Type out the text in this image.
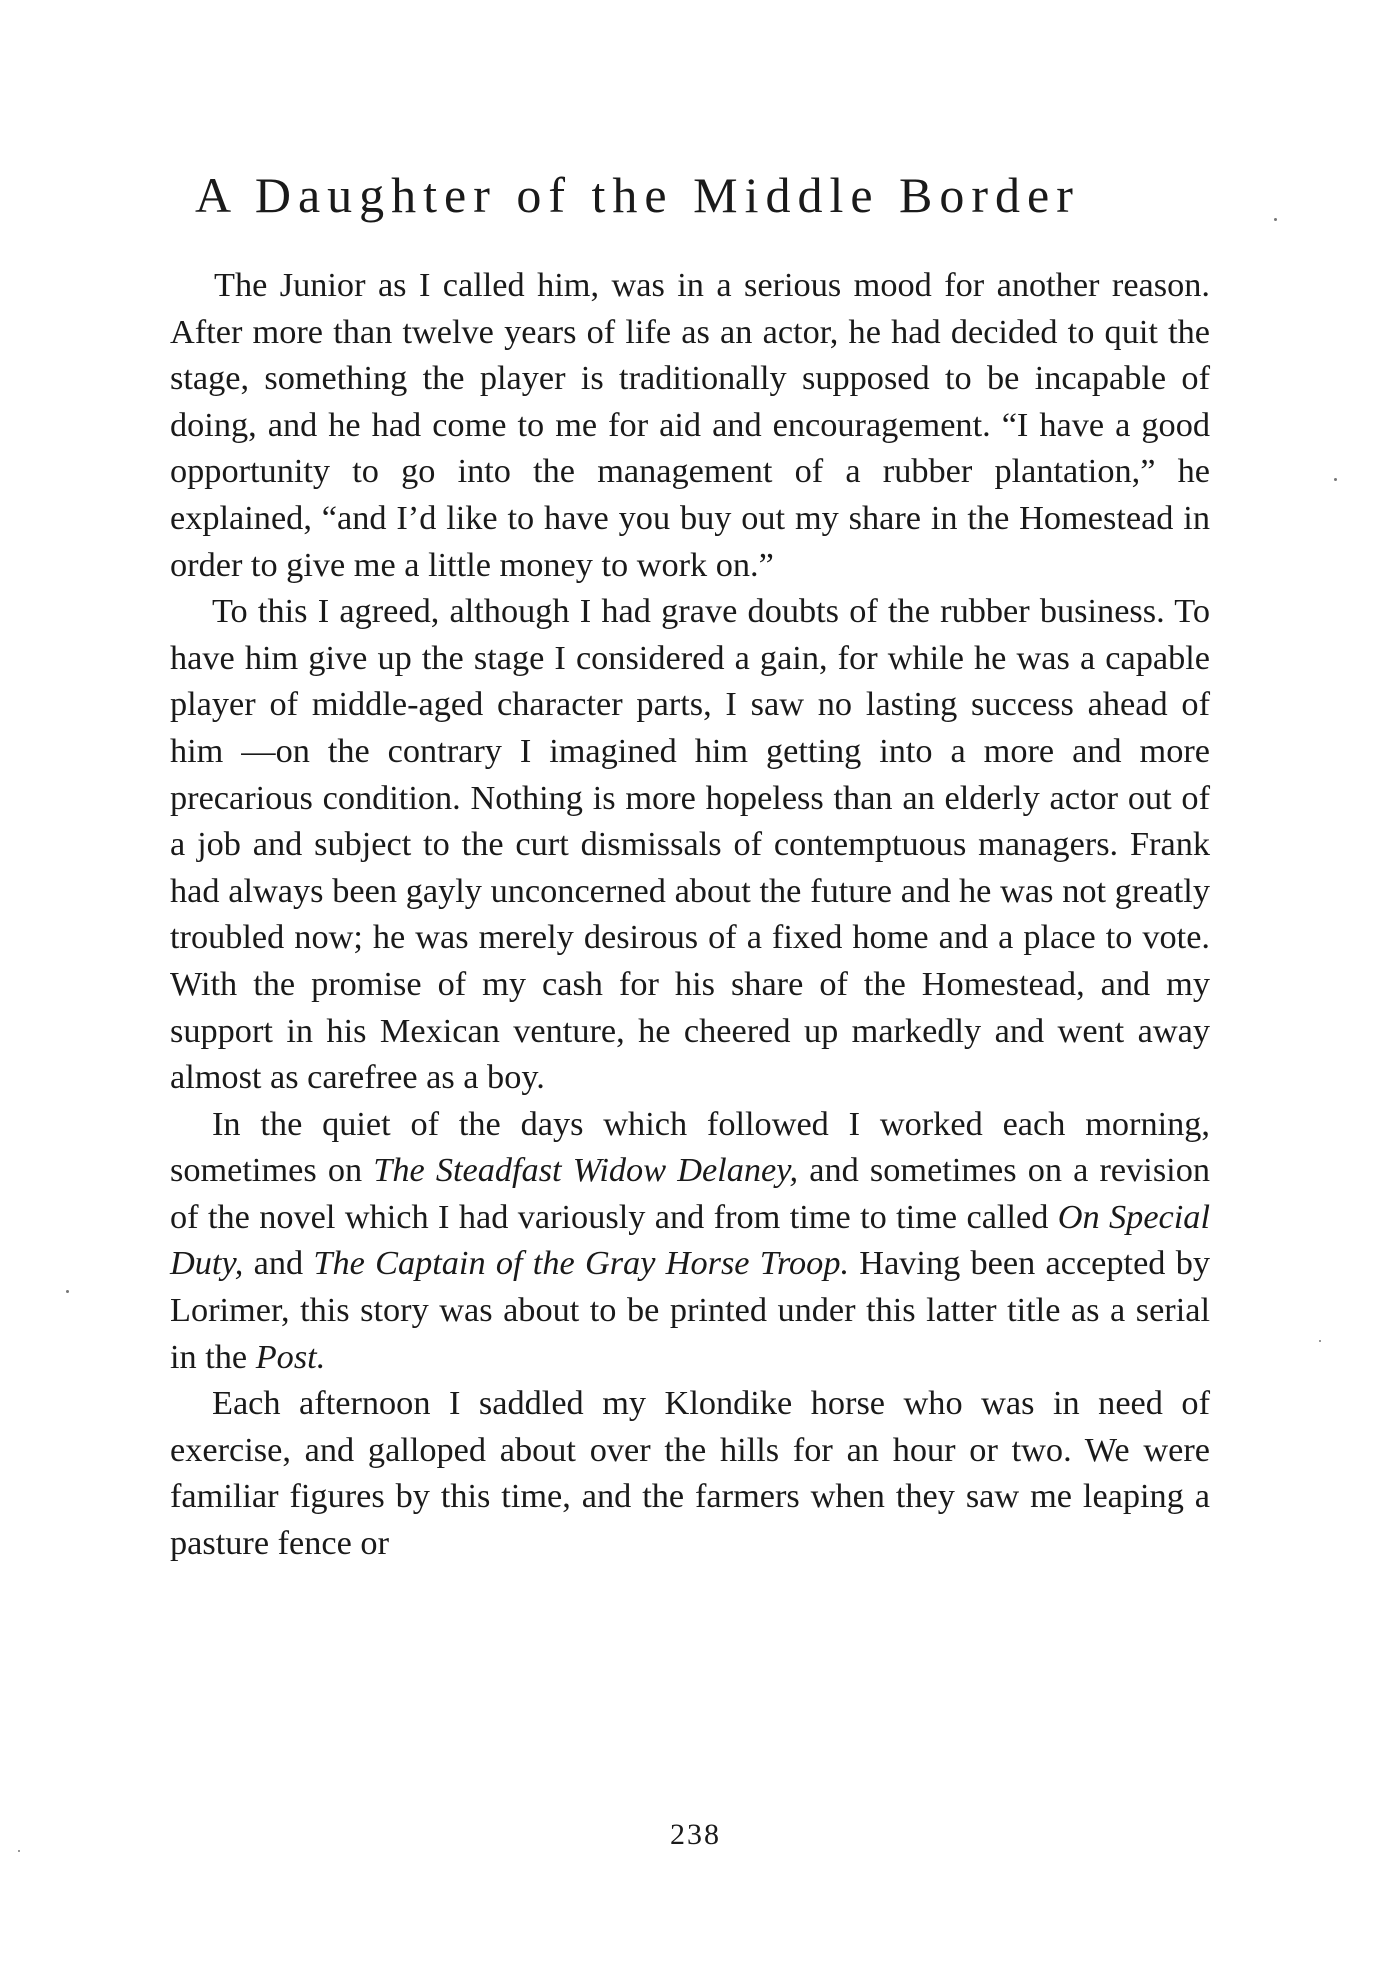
A Daughter of the Middle Border

The Junior as I called him, was in a serious mood for another reason. After more than twelve years of life as an actor, he had decided to quit the stage, something the player is traditionally supposed to be incapable of doing, and he had come to me for aid and encouragement. “I have a good opportunity to go into the management of a rubber plantation,” he explained, “and I’d like to have you buy out my share in the Homestead in order to give me a little money to work on.”

To this I agreed, although I had grave doubts of the rubber business. To have him give up the stage I considered a gain, for while he was a capable player of middle-aged character parts, I saw no lasting success ahead of him —on the contrary I imagined him getting into a more and more precarious condition. Nothing is more hopeless than an elderly actor out of a job and subject to the curt dismissals of contemptuous managers. Frank had always been gayly unconcerned about the future and he was not greatly troubled now; he was merely desirous of a fixed home and a place to vote. With the promise of my cash for his share of the Homestead, and my support in his Mexican venture, he cheered up markedly and went away almost as carefree as a boy.

In the quiet of the days which followed I worked each morning, sometimes on The Steadfast Widow Delaney, and sometimes on a revision of the novel which I had variously and from time to time called On Special Duty, and The Captain of the Gray Horse Troop. Having been accepted by Lorimer, this story was about to be printed under this latter title as a serial in the Post.

Each afternoon I saddled my Klondike horse who was in need of exercise, and galloped about over the hills for an hour or two. We were familiar figures by this time, and the farmers when they saw me leaping a pasture fence or

238
